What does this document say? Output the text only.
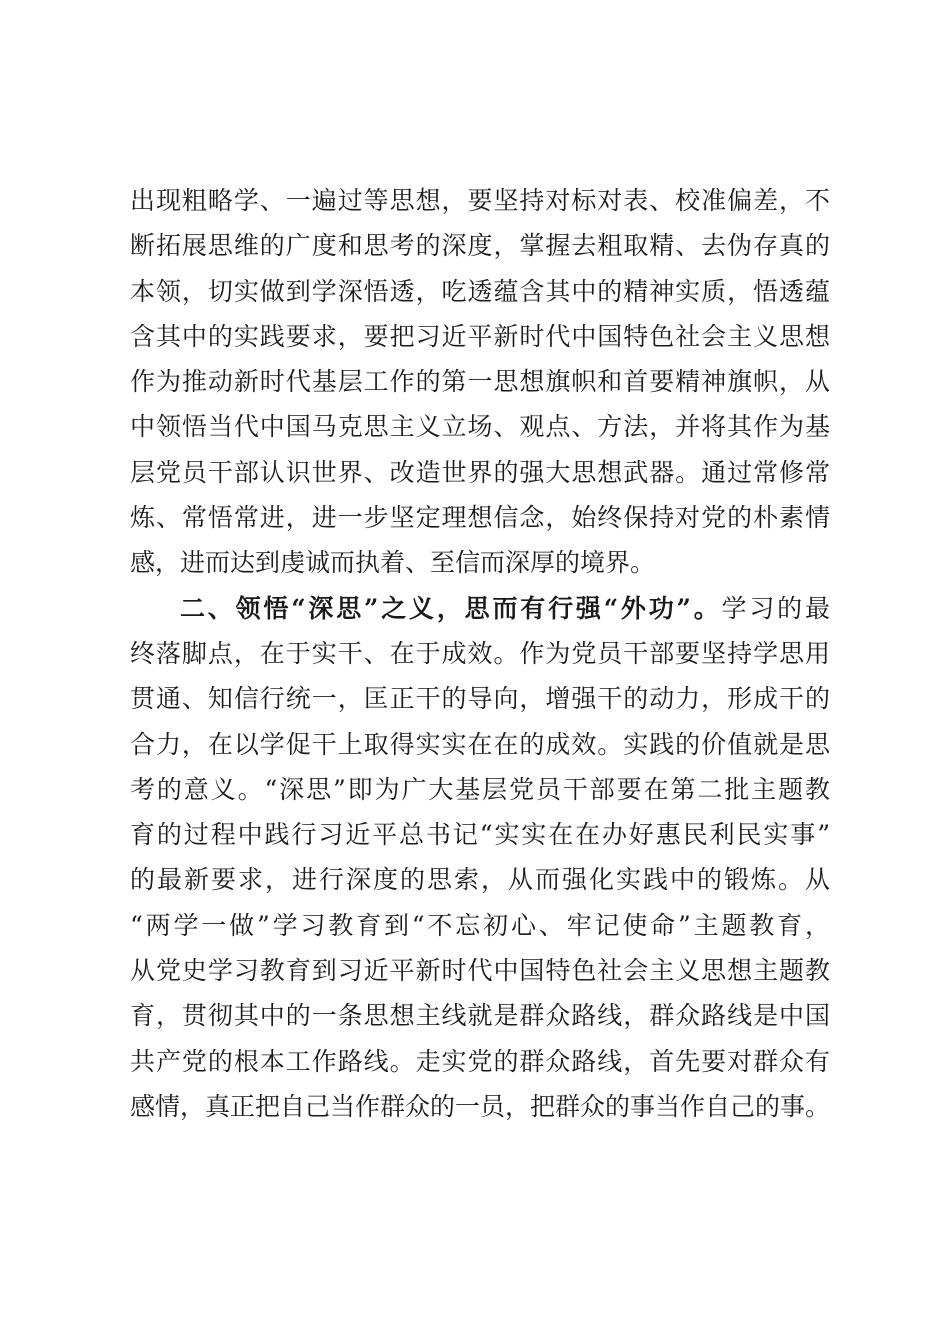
出现粗略学、一遍过等思想，要坚持对标对表、校准偏差，不
断拓展思维的广度和思考的深度，掌握去粗取精、去伪存真的
本领，切实做到学深悟透，吃透蕴含其中的精神实质，悟透蕴
含其中的实践要求，要把习近平新时代中国特色社会主义思想
作为推动新时代基层工作的第一思想旗帜和首要精神旗帜，从
中领悟当代中国马克思主义立场、观点、方法，并将其作为基
层党员干部认识世界、改造世界的强大思想武器。通过常修常
炼、常悟常进，进一步坚定理想信念，始终保持对党的朴素情
感，进而达到虔诚而执着、至信而深厚的境界。
二、领悟“深思”之义，思而有行强“外功”。学习的最
终落脚点，在于实干、在于成效。作为党员干部要坚持学思用
贯通、知信行统一，匡正干的导向，增强干的动力，形成干的
合力，在以学促干上取得实实在在的成效。实践的价值就是思
考的意义。“深思”即为广大基层党员干部要在第二批主题教
育的过程中践行习近平总书记“实实在在办好惠民利民实事”
的最新要求，进行深度的思索，从而强化实践中的锻炼。从
“两学一做”学习教育到“不忘初心、牢记使命”主题教育，
从党史学习教育到习近平新时代中国特色社会主义思想主题教
育，贯彻其中的一条思想主线就是群众路线，群众路线是中国
共产党的根本工作路线。走实党的群众路线，首先要对群众有
感情，真正把自己当作群众的一员，把群众的事当作自己的事。
